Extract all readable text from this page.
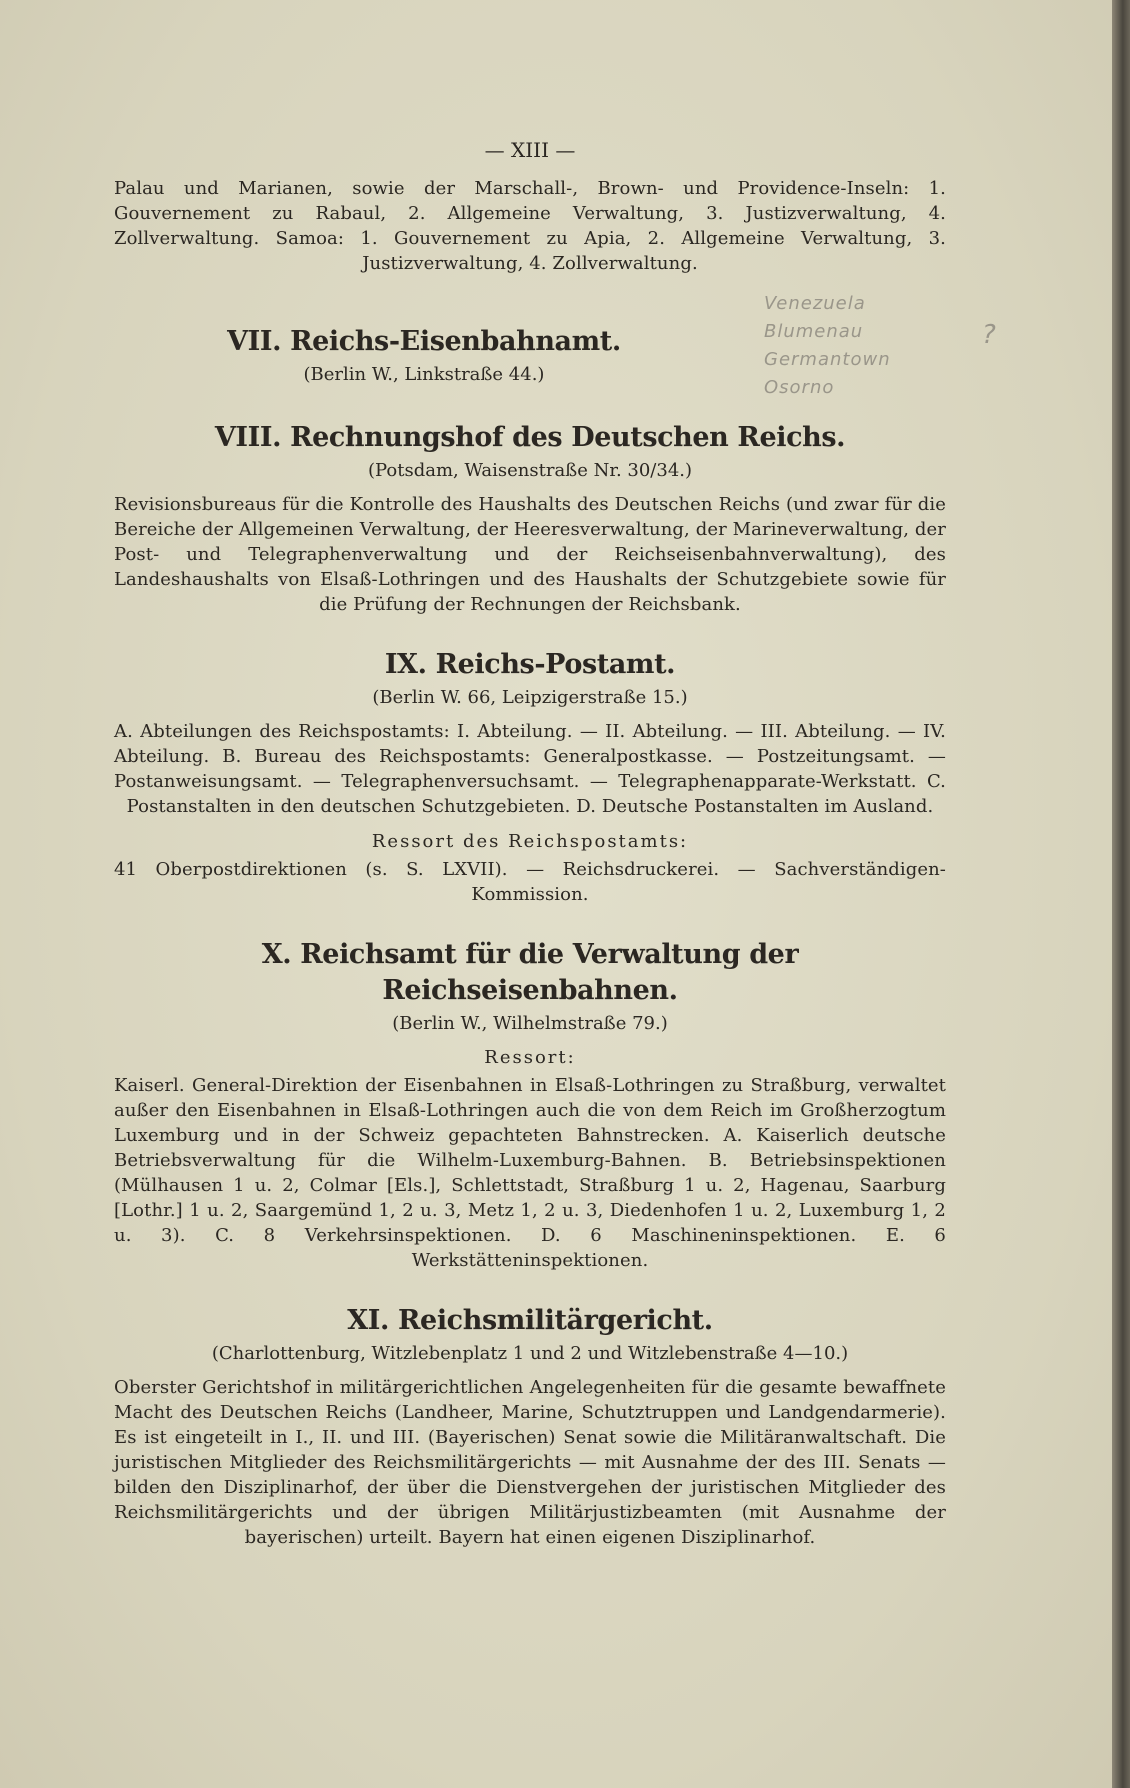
— XIII —

Palau und Marianen, sowie der Marschall-, Brown- und Providence-Inseln: 1. Gouvernement zu Rabaul, 2. Allgemeine Verwaltung, 3. Justizverwaltung, 4. Zollverwaltung. Samoa: 1. Gouvernement zu Apia, 2. Allgemeine Verwaltung, 3. Justizverwaltung, 4. Zollverwaltung.

VII. Reichs-Eisenbahnamt.
(Berlin W., Linkstraße 44.)
Venezuela
Blumenau
Germantown
Osorno
?
VIII. Rechnungshof des Deutschen Reichs.
(Potsdam, Waisenstraße Nr. 30/34.)

Revisionsbureaus für die Kontrolle des Haushalts des Deutschen Reichs (und zwar für die Bereiche der Allgemeinen Verwaltung, der Heeresverwaltung, der Marineverwaltung, der Post- und Telegraphenverwaltung und der Reichseisenbahnverwaltung), des Landeshaushalts von Elsaß-Lothringen und des Haushalts der Schutzgebiete sowie für die Prüfung der Rechnungen der Reichsbank.

IX. Reichs-Postamt.
(Berlin W. 66, Leipzigerstraße 15.)

A. Abteilungen des Reichspostamts: I. Abteilung. — II. Abteilung. — III. Abteilung. — IV. Abteilung. B. Bureau des Reichspostamts: Generalpostkasse. — Postzeitungsamt. — Postanweisungsamt. — Telegraphenversuchsamt. — Telegraphenapparate-Werkstatt. C. Postanstalten in den deutschen Schutzgebieten. D. Deutsche Postanstalten im Ausland.

Ressort des Reichspostamts:

41 Oberpostdirektionen (s. S. LXVII). — Reichsdruckerei. — Sachverständigen-Kommission.

X. Reichsamt für die Verwaltung der Reichseisenbahnen.
(Berlin W., Wilhelmstraße 79.)
Ressort:

Kaiserl. General-Direktion der Eisenbahnen in Elsaß-Lothringen zu Straßburg, verwaltet außer den Eisenbahnen in Elsaß-Lothringen auch die von dem Reich im Großherzogtum Luxemburg und in der Schweiz gepachteten Bahnstrecken. A. Kaiserlich deutsche Betriebsverwaltung für die Wilhelm-Luxemburg-Bahnen. B. Betriebsinspektionen (Mülhausen 1 u. 2, Colmar [Els.], Schlettstadt, Straßburg 1 u. 2, Hagenau, Saarburg [Lothr.] 1 u. 2, Saargemünd 1, 2 u. 3, Metz 1, 2 u. 3, Diedenhofen 1 u. 2, Luxemburg 1, 2 u. 3). C. 8 Verkehrsinspektionen. D. 6 Maschineninspektionen. E. 6 Werkstätteninspektionen.

XI. Reichsmilitärgericht.
(Charlottenburg, Witzlebenplatz 1 und 2 und Witzlebenstraße 4—10.)

Oberster Gerichtshof in militärgerichtlichen Angelegenheiten für die gesamte bewaffnete Macht des Deutschen Reichs (Landheer, Marine, Schutztruppen und Landgendarmerie). Es ist eingeteilt in I., II. und III. (Bayerischen) Senat sowie die Militäranwaltschaft. Die juristischen Mitglieder des Reichsmilitärgerichts — mit Ausnahme der des III. Senats — bilden den Disziplinarhof, der über die Dienstvergehen der juristischen Mitglieder des Reichsmilitärgerichts und der übrigen Militärjustizbeamten (mit Ausnahme der bayerischen) urteilt. Bayern hat einen eigenen Disziplinarhof.
